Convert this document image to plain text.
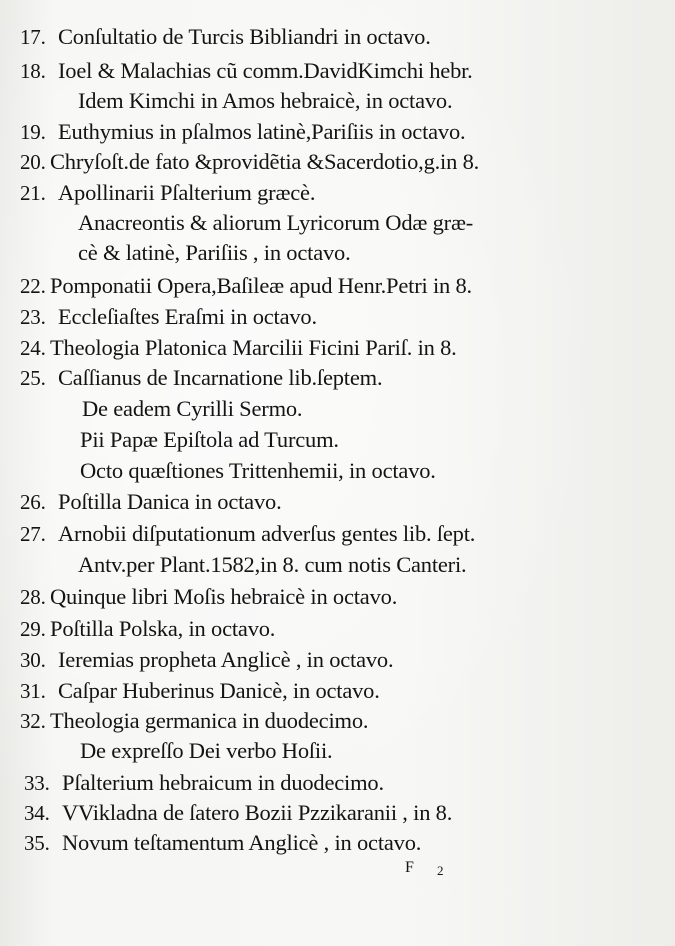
17. Conſultatio de Turcis Bibliandri in octavo.
18. Ioel & Malachias cũ comm.DavidKimchi hebr.
Idem Kimchi in Amos hebraicè, in octavo.
19. Euthymius in pſalmos latinè,Pariſiis in octavo.
20. Chryſoſt.de fato &providẽtia &Sacerdotio,g.in 8.
21. Apollinarii Pſalterium græcè.
Anacreontis & aliorum Lyricorum Odæ græ-
cè & latinè, Pariſiis , in octavo.
22. Pomponatii Opera,Baſileæ apud Henr.Petri in 8.
23. Eccleſiaſtes Eraſmi in octavo.
24. Theologia Platonica Marcilii Ficini Pariſ. in 8.
25. Caſſianus de Incarnatione lib.ſeptem.
De eadem Cyrilli Sermo.
Pii Papæ Epiſtola ad Turcum.
Octo quæſtiones Trittenhemii, in octavo.
26. Poſtilla Danica in octavo.
27. Arnobii diſputationum adverſus gentes lib. ſept.
Antv.per Plant.1582,in 8. cum notis Canteri.
28. Quinque libri Moſis hebraicè in octavo.
29. Poſtilla Polska, in octavo.
30. Ieremias propheta Anglicè , in octavo.
31. Caſpar Huberinus Danicè, in octavo.
32. Theologia germanica in duodecimo.
De expreſſo Dei verbo Hoſii.
33. Pſalterium hebraicum in duodecimo.
34. VVikladna de ſatero Bozii Pzzikaranii , in 8.
35. Novum teſtamentum Anglicè , in octavo.
F 2
